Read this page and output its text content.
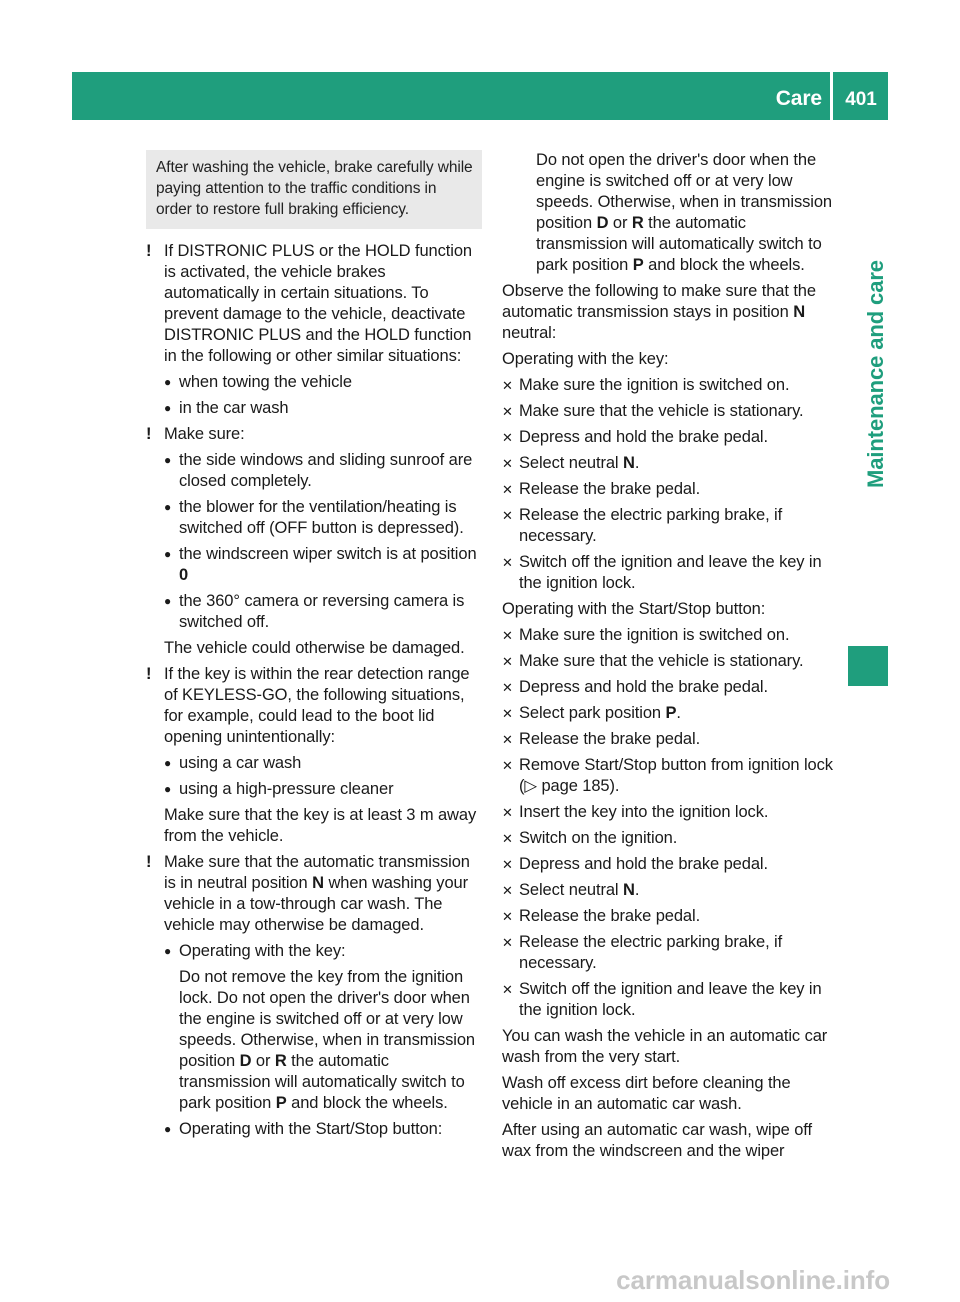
Care	401
Maintenance and care
After washing the vehicle, brake carefully while paying attention to the traffic conditions in order to restore full braking efficiency.
! If DISTRONIC PLUS or the HOLD function is activated, the vehicle brakes automatically in certain situations. To prevent damage to the vehicle, deactivate DISTRONIC PLUS and the HOLD function in the following or other similar situations:

● when towing the vehicle
● in the car wash
! Make sure:

● the side windows and sliding sunroof are closed completely.
● the blower for the ventilation/heating is switched off (OFF button is depressed).
● the windscreen wiper switch is at position 0
● the 360° camera or reversing camera is switched off.

The vehicle could otherwise be damaged.

! If the key is within the rear detection range of KEYLESS-GO, the following situations, for example, could lead to the boot lid opening unintentionally:

● using a car wash
● using a high-pressure cleaner

Make sure that the key is at least 3 m away from the vehicle.

! Make sure that the automatic transmission is in neutral position N when washing your vehicle in a tow-through car wash. The vehicle may otherwise be damaged.

● Operating with the key:

Do not remove the key from the ignition lock. Do not open the driver's door when the engine is switched off or at very low speeds. Otherwise, when in transmission position D or R the automatic transmission will automatically switch to park position P and block the wheels.

● Operating with the Start/Stop button:

Do not open the driver's door when the engine is switched off or at very low speeds. Otherwise, when in transmission position D or R the automatic transmission will automatically switch to park position P and block the wheels.

Observe the following to make sure that the automatic transmission stays in position N neutral:

Operating with the key:

✕ Make sure the ignition is switched on.
✕ Make sure that the vehicle is stationary.
✕ Depress and hold the brake pedal.
✕ Select neutral N.
✕ Release the brake pedal.
✕ Release the electric parking brake, if necessary.
✕ Switch off the ignition and leave the key in the ignition lock.

Operating with the Start/Stop button:

✕ Make sure the ignition is switched on.
✕ Make sure that the vehicle is stationary.
✕ Depress and hold the brake pedal.
✕ Select park position P.
✕ Release the brake pedal.
✕ Remove Start/Stop button from ignition lock (▷ page 185).
✕ Insert the key into the ignition lock.
✕ Switch on the ignition.
✕ Depress and hold the brake pedal.
✕ Select neutral N.
✕ Release the brake pedal.
✕ Release the electric parking brake, if necessary.
✕ Switch off the ignition and leave the key in the ignition lock.

You can wash the vehicle in an automatic car wash from the very start.

Wash off excess dirt before cleaning the vehicle in an automatic car wash.

After using an automatic car wash, wipe off wax from the windscreen and the wiper

carmanualsonline.info
